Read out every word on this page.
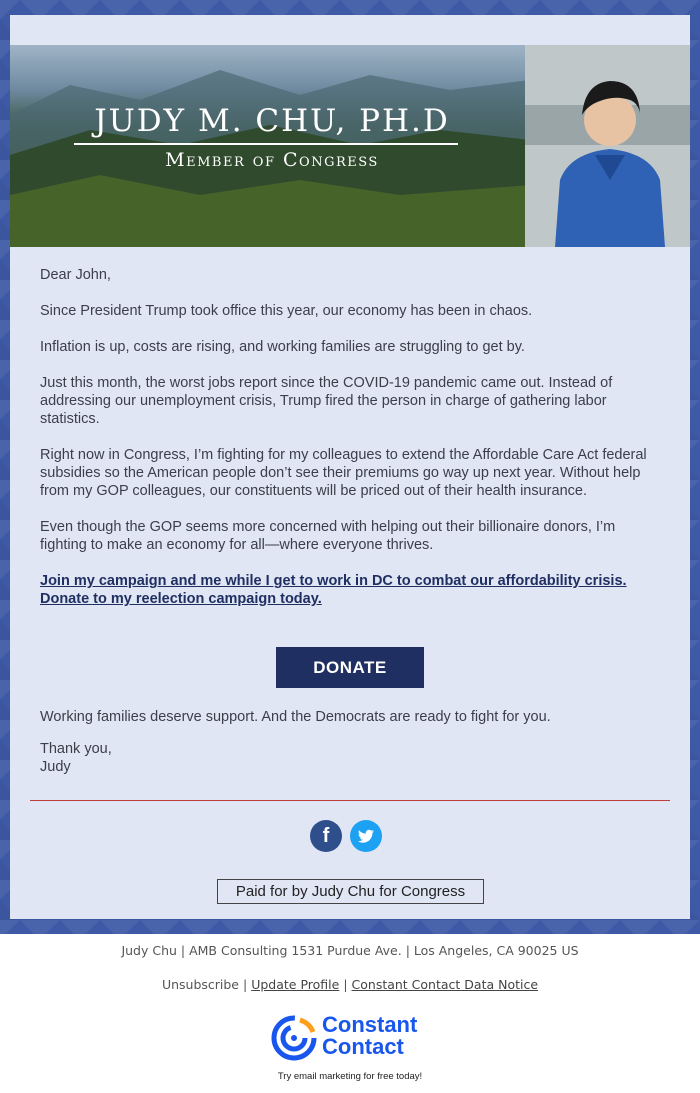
JUDY M. CHU, PH.D
Member of Congress

Dear John,

Since President Trump took office this year, our economy has been in chaos.

Inflation is up, costs are rising, and working families are struggling to get by.

Just this month, the worst jobs report since the COVID-19 pandemic came out. Instead of addressing our unemployment crisis, Trump fired the person in charge of gathering labor statistics.

Right now in Congress, I’m fighting for my colleagues to extend the Affordable Care Act federal subsidies so the American people don’t see their premiums go way up next year. Without help from my GOP colleagues, our constituents will be priced out of their health insurance.

Even though the GOP seems more concerned with helping out their billionaire donors, I’m fighting to make an economy for all—where everyone thrives.

Join my campaign and me while I get to work in DC to combat our affordability crisis.
Donate to my reelection campaign today.

DONATE

Working families deserve support. And the Democrats are ready to fight for you.

Thank you,
Judy

f
Paid for by Judy Chu for Congress
Judy Chu | AMB Consulting 1531 Purdue Ave. | Los Angeles, CA 90025 US
Unsubscribe | Update Profile | Constant Contact Data Notice
Constant
Contact
Try email marketing for free today!
